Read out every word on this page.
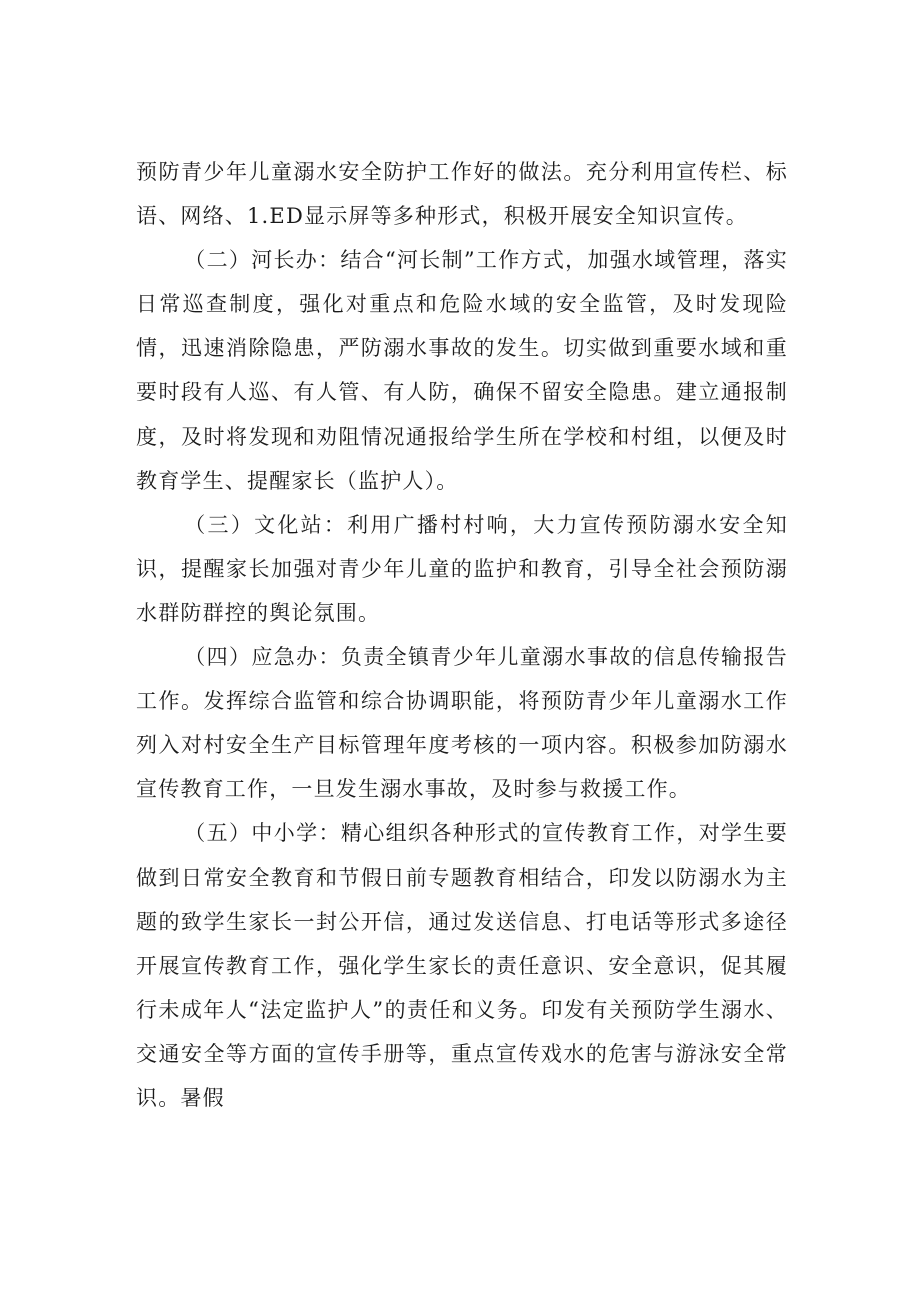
预防青少年儿童溺水安全防护工作好的做法。充分利用宣传栏、标语、网络、1.ED显示屏等多种形式，积极开展安全知识宣传。

（二）河长办：结合“河长制”工作方式，加强水域管理，落实日常巡查制度，强化对重点和危险水域的安全监管，及时发现险情，迅速消除隐患，严防溺水事故的发生。切实做到重要水域和重要时段有人巡、有人管、有人防，确保不留安全隐患。建立通报制度，及时将发现和劝阻情况通报给学生所在学校和村组，以便及时教育学生、提醒家长（监护人）。

（三）文化站：利用广播村村响，大力宣传预防溺水安全知识，提醒家长加强对青少年儿童的监护和教育，引导全社会预防溺水群防群控的舆论氛围。

（四）应急办：负责全镇青少年儿童溺水事故的信息传输报告工作。发挥综合监管和综合协调职能，将预防青少年儿童溺水工作列入对村安全生产目标管理年度考核的一项内容。积极参加防溺水宣传教育工作，一旦发生溺水事故，及时参与救援工作。

（五）中小学：精心组织各种形式的宣传教育工作，对学生要做到日常安全教育和节假日前专题教育相结合，印发以防溺水为主题的致学生家长一封公开信，通过发送信息、打电话等形式多途径开展宣传教育工作，强化学生家长的责任意识、安全意识，促其履行未成年人“法定监护人”的责任和义务。印发有关预防学生溺水、交通安全等方面的宣传手册等，重点宣传戏水的危害与游泳安全常识。暑假
